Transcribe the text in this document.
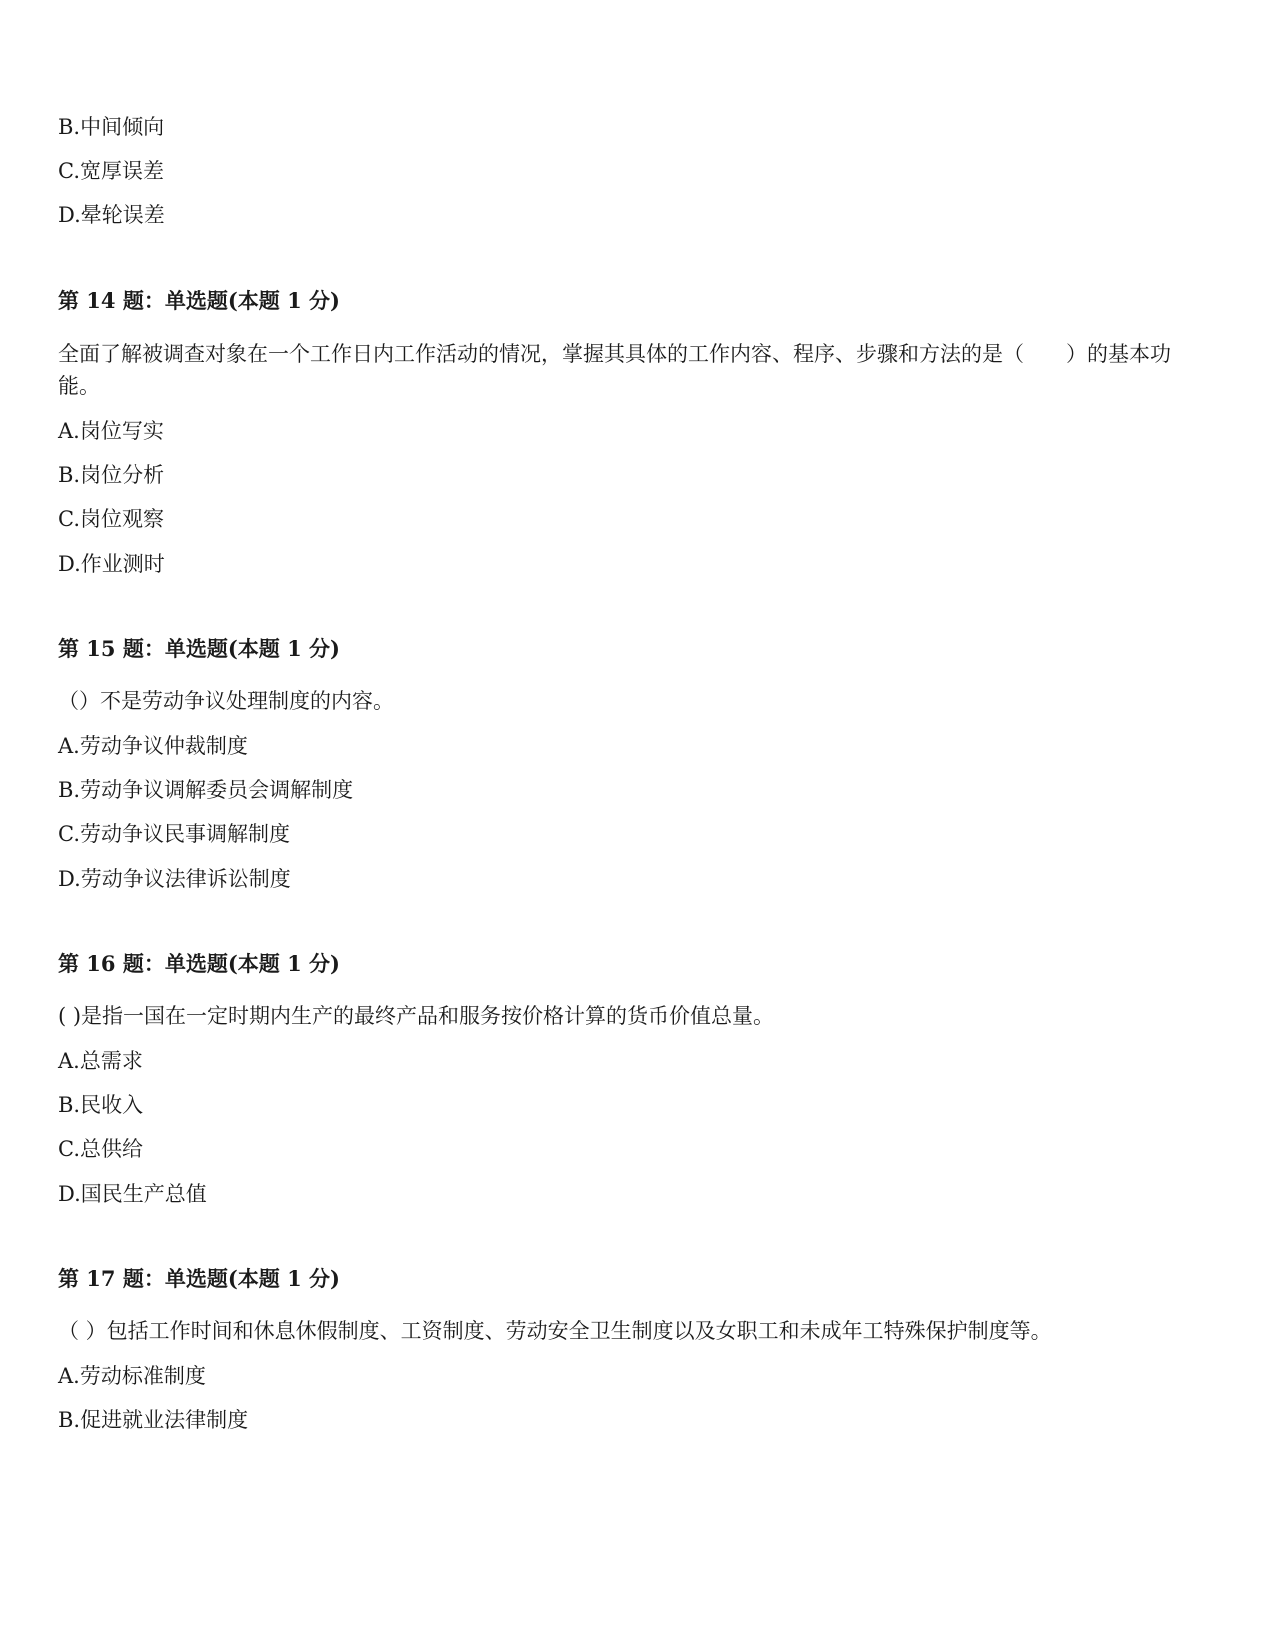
B.中间倾向
C.宽厚误差
D.晕轮误差
第 14 题：单选题(本题 1 分)
全面了解被调查对象在一个工作日内工作活动的情况，掌握其具体的工作内容、程序、步骤和方法的是（　　）的基本功能。
A.岗位写实
B.岗位分析
C.岗位观察
D.作业测时
第 15 题：单选题(本题 1 分)
（）不是劳动争议处理制度的内容。
A.劳动争议仲裁制度
B.劳动争议调解委员会调解制度
C.劳动争议民事调解制度
D.劳动争议法律诉讼制度
第 16 题：单选题(本题 1 分)
( )是指一国在一定时期内生产的最终产品和服务按价格计算的货币价值总量。
A.总需求
B.民收入
C.总供给
D.国民生产总值
第 17 题：单选题(本题 1 分)
（ ）包括工作时间和休息休假制度、工资制度、劳动安全卫生制度以及女职工和未成年工特殊保护制度等。
A.劳动标准制度
B.促进就业法律制度
